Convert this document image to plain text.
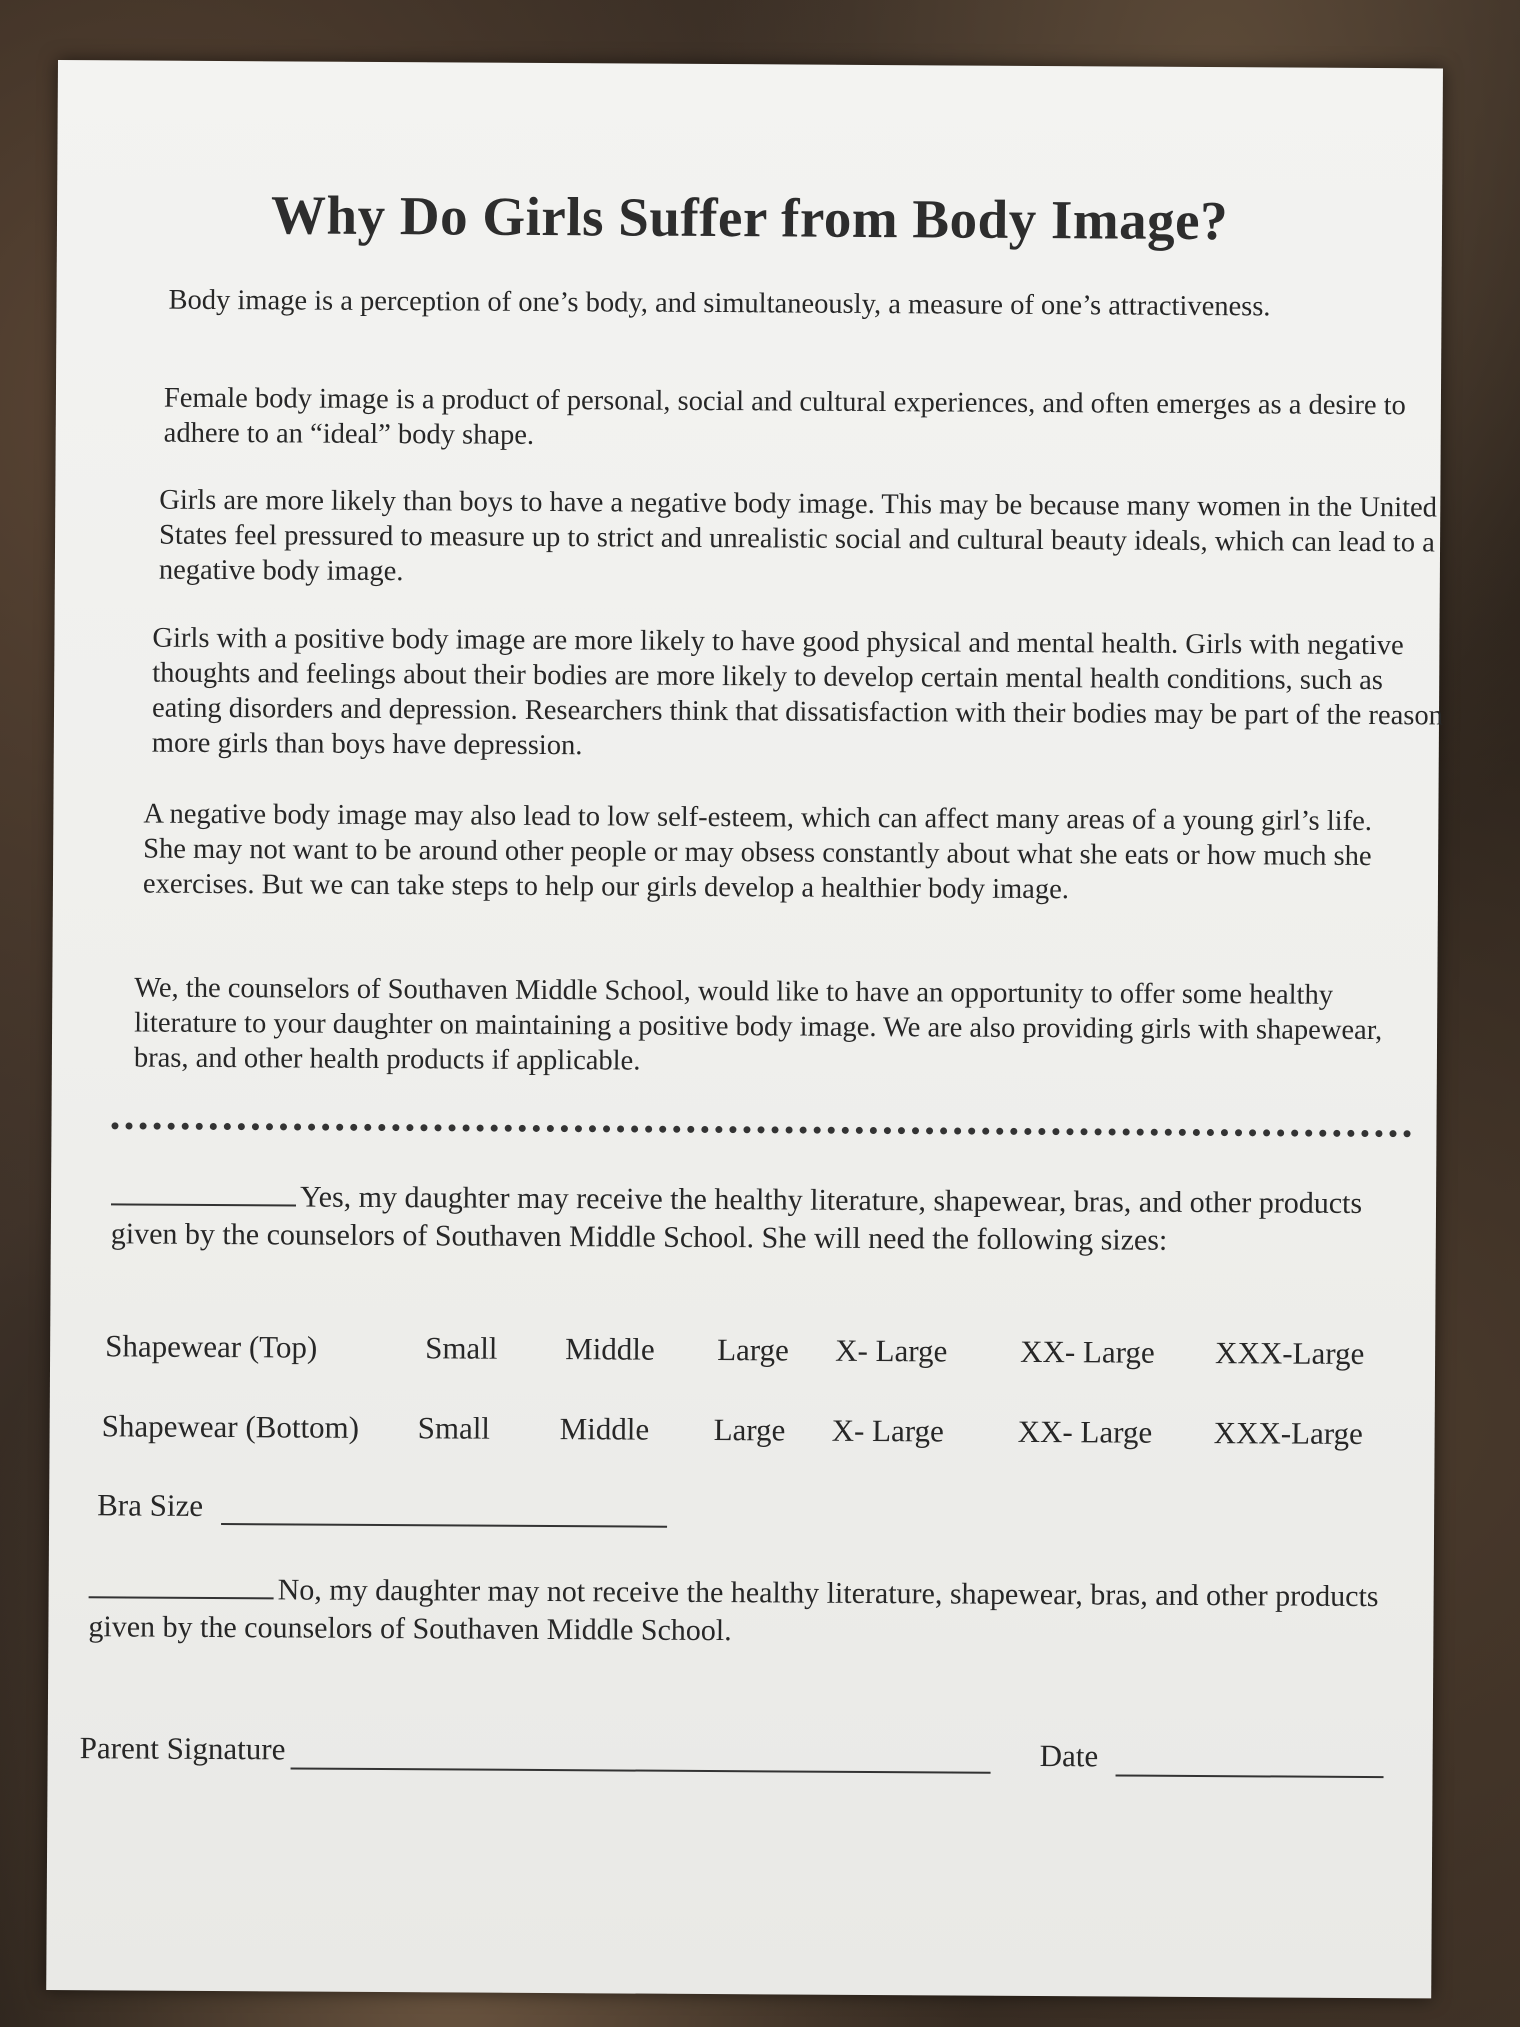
Why Do Girls Suffer from Body Image?
Body image is a perception of one’s body, and simultaneously, a measure of one’s attractiveness.
Female body image is a product of personal, social and cultural experiences, and often emerges as a desire to adhere to an “ideal” body shape.
Girls are more likely than boys to have a negative body image. This may be because many women in the United States feel pressured to measure up to strict and unrealistic social and cultural beauty ideals, which can lead to a negative body image.
Girls with a positive body image are more likely to have good physical and mental health. Girls with negative thoughts and feelings about their bodies are more likely to develop certain mental health conditions, such as eating disorders and depression. Researchers think that dissatisfaction with their bodies may be part of the reason more girls than boys have depression.
A negative body image may also lead to low self-esteem, which can affect many areas of a young girl’s life. She may not want to be around other people or may obsess constantly about what she eats or how much she exercises. But we can take steps to help our girls develop a healthier body image.
We, the counselors of Southaven Middle School, would like to have an opportunity to offer some healthy literature to your daughter on maintaining a positive body image. We are also providing girls with shapewear, bras, and other health products if applicable.
Yes, my daughter may receive the healthy literature, shapewear, bras, and other products given by the counselors of Southaven Middle School. She will need the following sizes:
Shapewear (Top)	Small Middle Large X- Large XX- Large XXX-Large
Shapewear (Bottom) Small Middle Large X- Large XX- Large XXX-Large
Bra Size
No, my daughter may not receive the healthy literature, shapewear, bras, and other products given by the counselors of Southaven Middle School.
Parent Signature	Date
